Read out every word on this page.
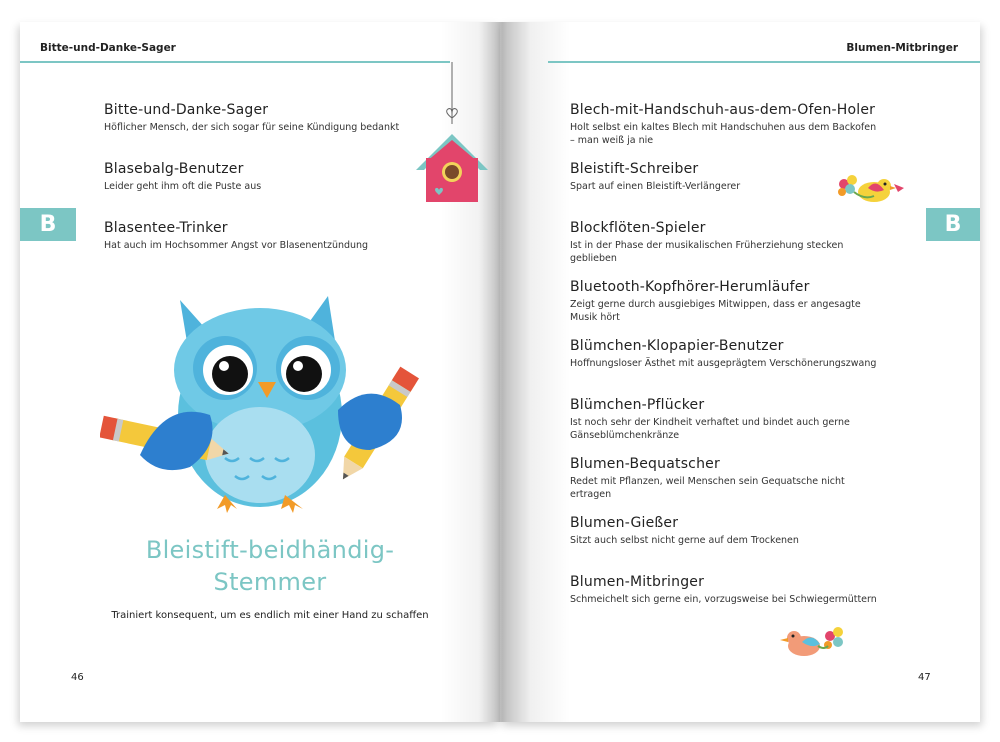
Bitte-und-Danke-Sager	Blumen-Mitbringer
B	B
Bitte-und-Danke-Sager
Höflicher Mensch, der sich sogar für seine Kündigung bedankt
Blasebalg-Benutzer
Leider geht ihm oft die Puste aus
Blasentee-Trinker
Hat auch im Hochsommer Angst vor Blasenentzündung
Bleistift-beidhändig-
Stemmer
Trainiert konsequent, um es endlich mit einer Hand zu schaffen
Blech-mit-Handschuh-aus-dem-Ofen-Holer
Holt selbst ein kaltes Blech mit Handschuhen aus dem Backofen
– man weiß ja nie
Bleistift-Schreiber
Spart auf einen Bleistift-Verlängerer
Blockflöten-Spieler
Ist in der Phase der musikalischen Früherziehung stecken
geblieben
Bluetooth-Kopfhörer-Herumläufer
Zeigt gerne durch ausgiebiges Mitwippen, dass er angesagte
Musik hört
Blümchen-Klopapier-Benutzer
Hoffnungsloser Ästhet mit ausgeprägtem Verschönerungszwang
Blümchen-Pflücker
Ist noch sehr der Kindheit verhaftet und bindet auch gerne
Gänseblümchenkränze
Blumen-Bequatscher
Redet mit Pflanzen, weil Menschen sein Gequatsche nicht
ertragen
Blumen-Gießer
Sitzt auch selbst nicht gerne auf dem Trockenen
Blumen-Mitbringer
Schmeichelt sich gerne ein, vorzugsweise bei Schwiegermüttern
46	47
